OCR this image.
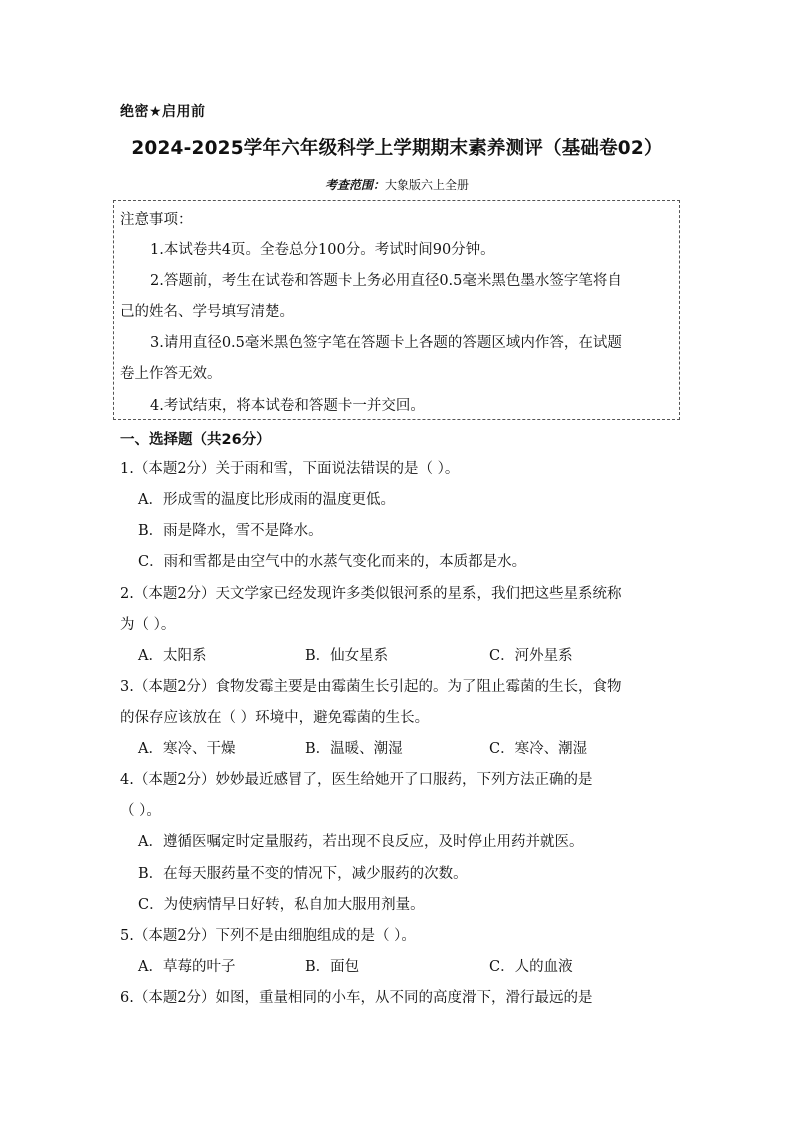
绝密★启用前
2024-2025学年六年级科学上学期期末素养测评（基础卷02）
考查范围：大象版六上全册
注意事项：
1.本试卷共4页。全卷总分100分。考试时间90分钟。
2.答题前，考生在试卷和答题卡上务必用直径0.5毫米黑色墨水签字笔将自
己的姓名、学号填写清楚。
3.请用直径0.5毫米黑色签字笔在答题卡上各题的答题区域内作答，在试题
卷上作答无效。
4.考试结束，将本试卷和答题卡一并交回。
一、选择题（共26分）
1.（本题2分）关于雨和雪，下面说法错误的是（ ）。
A．形成雪的温度比形成雨的温度更低。
B．雨是降水，雪不是降水。
C．雨和雪都是由空气中的水蒸气变化而来的，本质都是水。
2.（本题2分）天文学家已经发现许多类似银河系的星系，我们把这些星系统称
为（ ）。
A．太阳系	B．仙女星系	C．河外星系
3.（本题2分）食物发霉主要是由霉菌生长引起的。为了阻止霉菌的生长，食物
的保存应该放在（ ）环境中，避免霉菌的生长。
A．寒冷、干燥	B．温暖、潮湿	C．寒冷、潮湿
4.（本题2分）妙妙最近感冒了，医生给她开了口服药，下列方法正确的是
（ ）。
A．遵循医嘱定时定量服药，若出现不良反应，及时停止用药并就医。
B．在每天服药量不变的情况下，减少服药的次数。
C．为使病情早日好转，私自加大服用剂量。
5.（本题2分）下列不是由细胞组成的是（ ）。
A．草莓的叶子	B．面包	C．人的血液
6.（本题2分）如图，重量相同的小车，从不同的高度滑下，滑行最远的是
